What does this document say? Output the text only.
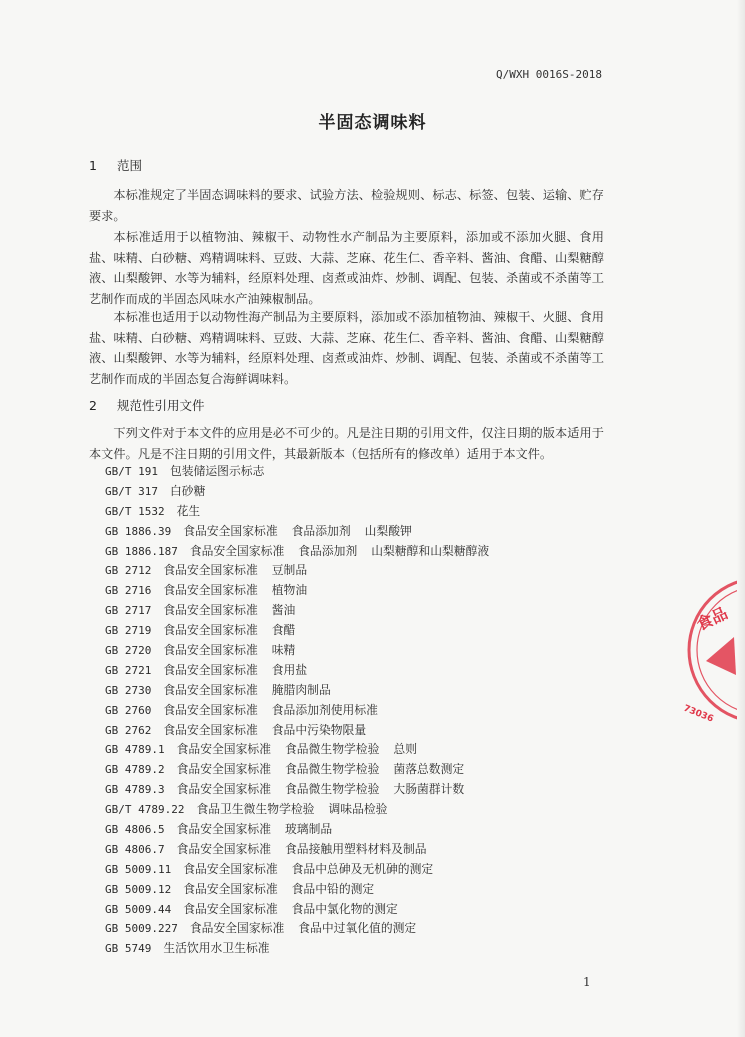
Q/WXH 0016S-2018
半固态调味料
1 范围

本标准规定了半固态调味料的要求、试验方法、检验规则、标志、标签、包装、运输、贮存要求。

本标准适用于以植物油、辣椒干、动物性水产制品为主要原料，添加或不添加火腿、食用盐、味精、白砂糖、鸡精调味料、豆豉、大蒜、芝麻、花生仁、香辛料、酱油、食醋、山梨糖醇液、山梨酸钾、水等为辅料，经原料处理、卤煮或油炸、炒制、调配、包装、杀菌或不杀菌等工艺制作而成的半固态风味水产油辣椒制品。

本标准也适用于以动物性海产制品为主要原料，添加或不添加植物油、辣椒干、火腿、食用盐、味精、白砂糖、鸡精调味料、豆豉、大蒜、芝麻、花生仁、香辛料、酱油、食醋、山梨糖醇液、山梨酸钾、水等为辅料，经原料处理、卤煮或油炸、炒制、调配、包装、杀菌或不杀菌等工艺制作而成的半固态复合海鲜调味料。

2 规范性引用文件

下列文件对于本文件的应用是必不可少的。凡是注日期的引用文件，仅注日期的版本适用于本文件。凡是不注日期的引用文件，其最新版本（包括所有的修改单）适用于本文件。

GB/T 191 包装储运图示标志
GB/T 317 白砂糖
GB/T 1532 花生
GB 1886.39 食品安全国家标准 食品添加剂 山梨酸钾
GB 1886.187 食品安全国家标准 食品添加剂 山梨糖醇和山梨糖醇液
GB 2712 食品安全国家标准 豆制品
GB 2716 食品安全国家标准 植物油
GB 2717 食品安全国家标准 酱油
GB 2719 食品安全国家标准 食醋
GB 2720 食品安全国家标准 味精
GB 2721 食品安全国家标准 食用盐
GB 2730 食品安全国家标准 腌腊肉制品
GB 2760 食品安全国家标准 食品添加剂使用标准
GB 2762 食品安全国家标准 食品中污染物限量
GB 4789.1 食品安全国家标准 食品微生物学检验 总则
GB 4789.2 食品安全国家标准 食品微生物学检验 菌落总数测定
GB 4789.3 食品安全国家标准 食品微生物学检验 大肠菌群计数
GB/T 4789.22 食品卫生微生物学检验 调味品检验
GB 4806.5 食品安全国家标准 玻璃制品
GB 4806.7 食品安全国家标准 食品接触用塑料材料及制品
GB 5009.11 食品安全国家标准 食品中总砷及无机砷的测定
GB 5009.12 食品安全国家标准 食品中铅的测定
GB 5009.44 食品安全国家标准 食品中氯化物的测定
GB 5009.227 食品安全国家标准 食品中过氧化值的测定
GB 5749 生活饮用水卫生标准
1
食品
73036
